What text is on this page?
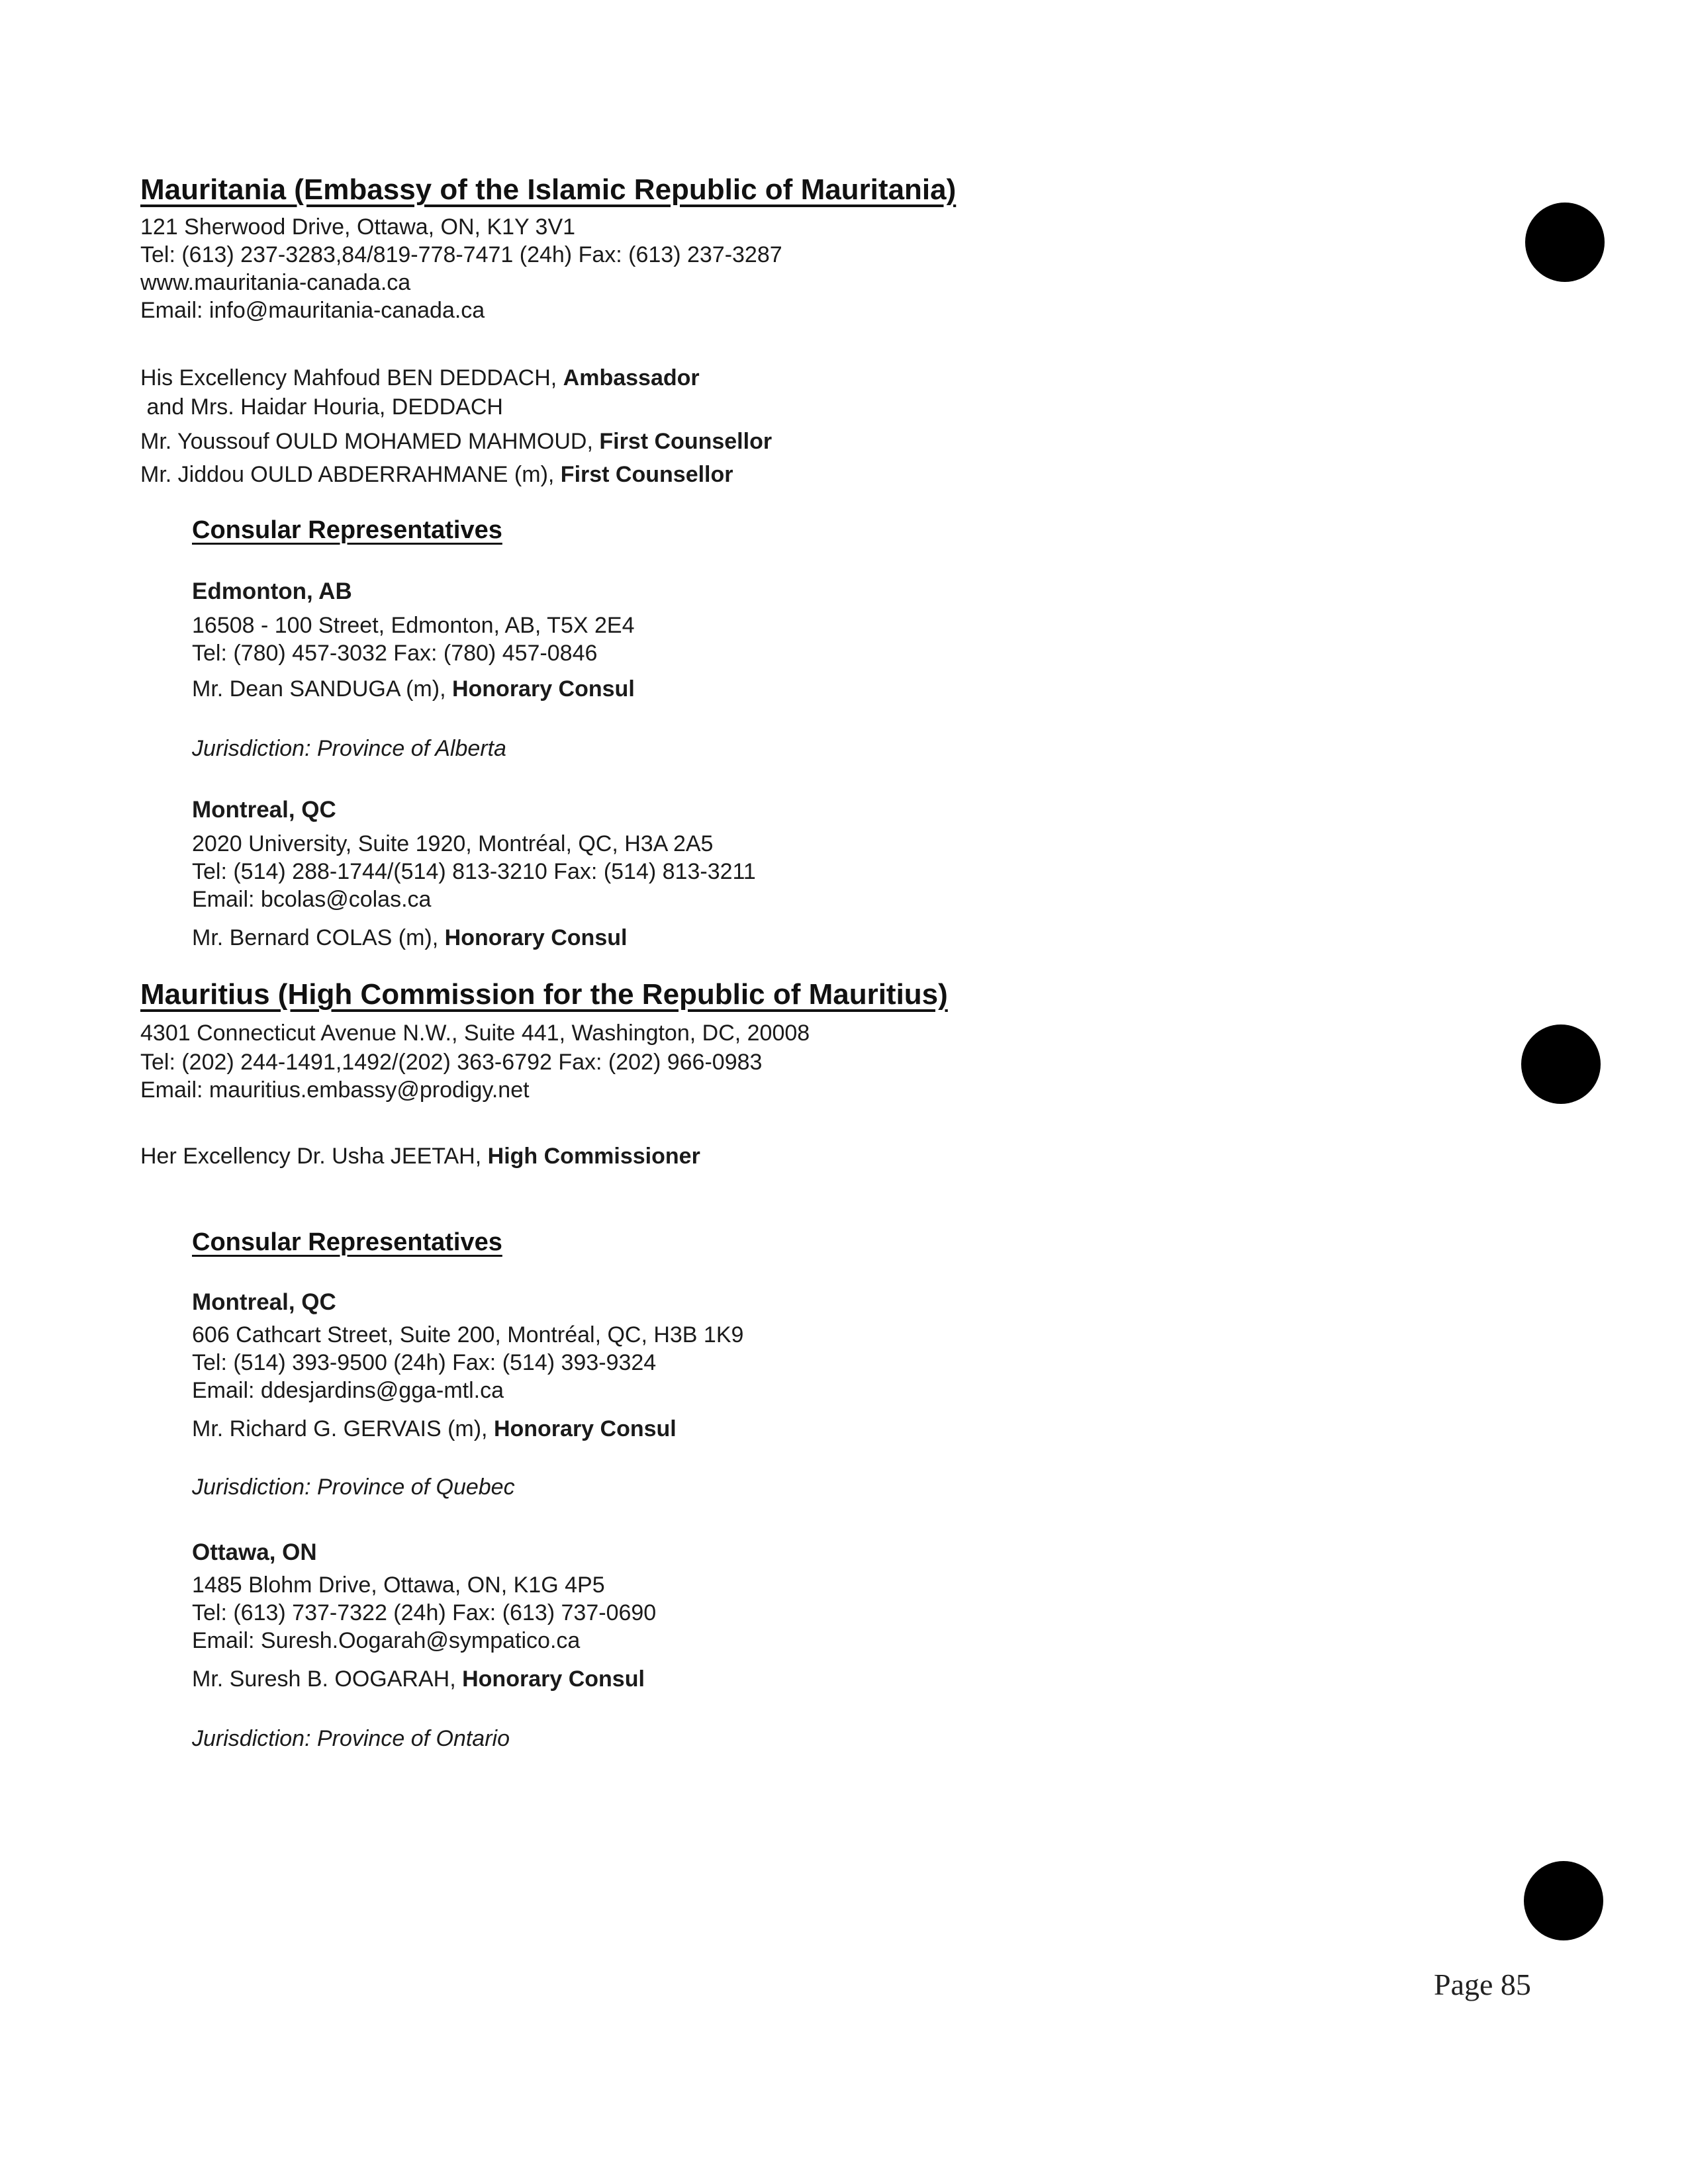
Mauritania (Embassy of the Islamic Republic of Mauritania)
121 Sherwood Drive, Ottawa, ON, K1Y 3V1
Tel: (613) 237-3283,84/819-778-7471 (24h) Fax: (613) 237-3287
www.mauritania-canada.ca
Email: info@mauritania-canada.ca
His Excellency Mahfoud BEN DEDDACH, Ambassador
and Mrs. Haidar Houria, DEDDACH
Mr. Youssouf OULD MOHAMED MAHMOUD, First Counsellor
Mr. Jiddou OULD ABDERRAHMANE (m), First Counsellor
Consular Representatives
Edmonton, AB
16508 - 100 Street, Edmonton, AB, T5X 2E4
Tel: (780) 457-3032 Fax: (780) 457-0846
Mr. Dean SANDUGA (m), Honorary Consul
Jurisdiction: Province of Alberta
Montreal, QC
2020 University, Suite 1920, Montréal, QC, H3A 2A5
Tel: (514) 288-1744/(514) 813-3210 Fax: (514) 813-3211
Email: bcolas@colas.ca
Mr. Bernard COLAS (m), Honorary Consul
Mauritius (High Commission for the Republic of Mauritius)
4301 Connecticut Avenue N.W., Suite 441, Washington, DC, 20008
Tel: (202) 244-1491,1492/(202) 363-6792 Fax: (202) 966-0983
Email: mauritius.embassy@prodigy.net
Her Excellency Dr. Usha JEETAH, High Commissioner
Consular Representatives
Montreal, QC
606 Cathcart Street, Suite 200, Montréal, QC, H3B 1K9
Tel: (514) 393-9500 (24h) Fax: (514) 393-9324
Email: ddesjardins@gga-mtl.ca
Mr. Richard G. GERVAIS (m), Honorary Consul
Jurisdiction: Province of Quebec
Ottawa, ON
1485 Blohm Drive, Ottawa, ON, K1G 4P5
Tel: (613) 737-7322 (24h) Fax: (613) 737-0690
Email: Suresh.Oogarah@sympatico.ca
Mr. Suresh B. OOGARAH, Honorary Consul
Jurisdiction: Province of Ontario
Page 85
